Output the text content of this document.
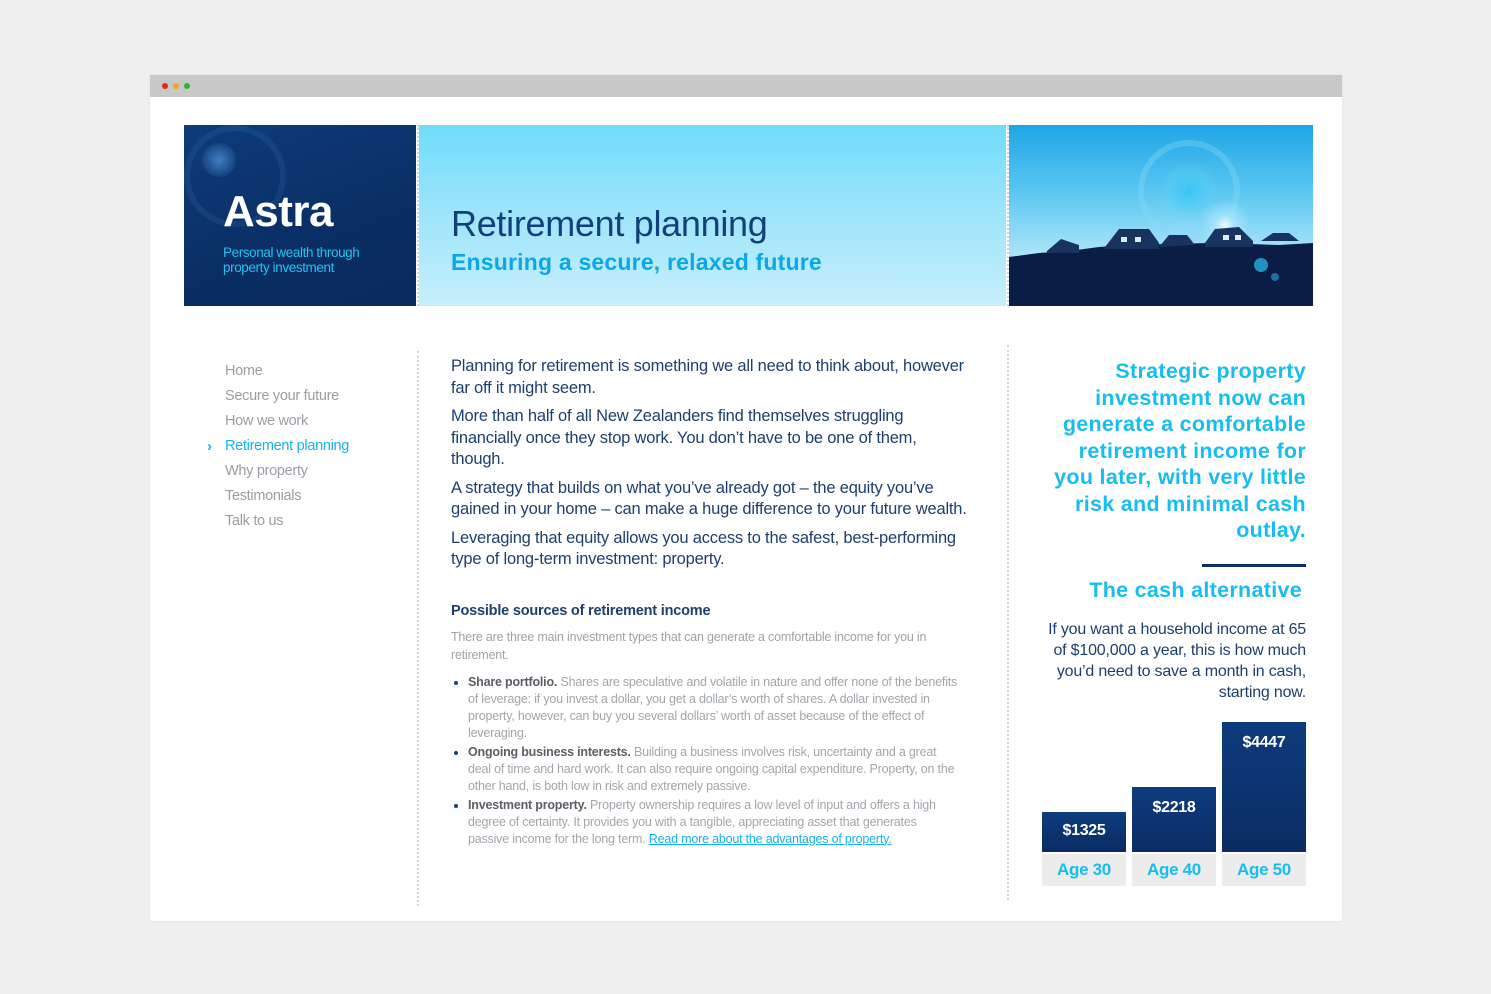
Astra
Personal wealth through property investment
Retirement planning
Ensuring a secure, relaxed future
Home
Secure your future
How we work
› Retirement planning
Why property
Testimonials
Talk to us

Planning for retirement is something we all need to think about, however far off it might seem.

More than half of all New Zealanders find themselves struggling financially once they stop work. You don’t have to be one of them, though.

A strategy that builds on what you’ve already got – the equity you’ve gained in your home – can make a huge difference to your future wealth.

Leveraging that equity allows you access to the safest, best-performing type of long-term investment: property.

Possible sources of retirement income
There are three main investment types that can generate a comfortable income for you in retirement.
• Share portfolio. Shares are speculative and volatile in nature and offer none of the benefits of leverage: if you invest a dollar, you get a dollar’s worth of shares. A dollar invested in property, however, can buy you several dollars’ worth of asset because of the effect of leveraging.
• Ongoing business interests. Building a business involves risk, uncertainty and a great deal of time and hard work. It can also require ongoing capital expenditure. Property, on the other hand, is both low in risk and extremely passive.
• Investment property. Property ownership requires a low level of input and offers a high degree of certainty. It provides you with a tangible, appreciating asset that generates passive income for the long term. Read more about the advantages of property.
Strategic property investment now can generate a comfortable retirement income for you later, with very little risk and minimal cash outlay.
The cash alternative
If you want a household income at 65 of $100,000 a year, this is how much you’d need to save a month in cash, starting now.
$1325
Age 30
$2218
Age 40
$4447
Age 50
